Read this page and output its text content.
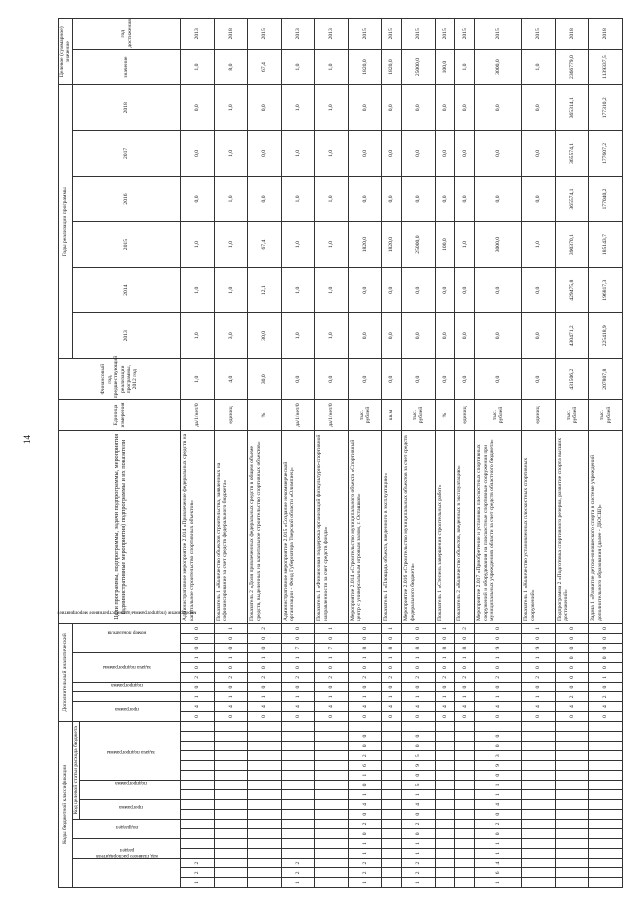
14
Коды бюджетной классификации																	Дополнительный аналитический										Цели программы, подпрограммы, задачи подпрограммы, мероприятия (административные мероприятия) подпрограммы и их показатели	Единица измерения	Финансовый год, предшествующий реализации программы, 2012 год	Годы реализации программы						Целевое (суммарное) значение	
код главного распорядителя			раздел		подраздел		Код целевой статьи расхода бюджета										программа		подпрограмма	задача подпрограммы	мероприятие (подпрограммы/административное мероприятие)			номер показателя						2013	2014	2015	2016	2017	2018	значение	год достижения
							программа		подпрограмма		задача подпрограммы																										
1	2	2															0	4	1	0	2	0	1	0	0	0	Административное мероприятие 2.014 «Привлечение федеральных средств на капитальное строительство спортивных объектов»	да/1/нет/0	1,0	1,0	1,0	1,0	0,0	0,0	0,0	1,0	2013
																	0	4	1	0	2	0	1	0	0	1	Показатель 1 «Количество объектов строительства, заявленных на софинансирование за счет средств федерального бюджета»	единиц	4,0	3,0	1,0	1,0	1,0	1,0	1,0	8,0	2018
																	0	4	1	0	2	0	1	0	0	2	Показатель 2 «Доля привлеченных федеральных средств в общем объеме средств, выделенных на капитальное строительство спортивных объектов»	%	30,0	30,0	12,1	67,4	0,0	0,0	0,0	67,4	2015
1	2	2															0	4	1	0	2	0	1	7	0	0	Административное мероприятие 2.015 «Создание некоммерческой организации - Фонд Губернатора Тверской области «Олимпиец»	да/1/нет/0	0,0	1,0	1,0	1,0	1,0	1,0	1,0	1,0	2013
																	0	4	1	0	2	0	1	7	0	1	Показатель 1 «Финансовая поддержка организаций физкультурно-спортивной направленности за счет средств фонда»	да/1/нет/0	0,0	1,0	1,0	1,0	1,0	1,0	1,0	1,0	2013
1	2	2	1	1	0	2	0	4	1	0	1	6	2	0	0		0	4	1	0	2	0	1	8	0	0	Мероприятие 2.014 «Строительство муниципального объекта «Спортивный центр с универсальным игровым залом, г. Осташков»	тыс. рублей	0,0	0,0	0,0	1820,0	0,0	0,0	0,0	1820,0	2015
																	0	4	1	0	2	0	1	8	0	1	Показатель 1 «Площадь объекта, введенного в эксплуатацию»	кв.м	0,0	0,0	0,0	1820,0	0,0	0,0	0,0	1820,0	2015
1	2	2	1	1	0	2	0	4	1	5	0	9	5	0	0		0	4	1	0	2	0	1	8	0	0	Мероприятие 2.016 «Строительство муниципальных объектов за счет средств федерального бюджета»	тыс. рублей	0,0	0,0	0,0	25000,0	0,0	0,0	0,0	25000,0	2015
																	0	4	1	0	2	0	1	8	0	1	Показатель 1 «Степень завершения строительных работ»	%	0,0	0,0	0,0	100,0	0,0	0,0	0,0	100,0	2015
																	0	4	1	0	2	0	1	8	0	2	Показатель 2 «Количество объектов, введенных в эксплуатацию»	единиц	0,0	0,0	0,0	1,0	0,0	0,0	0,0	1,0	2015
1	6	4	1	1	0	2	0	4	1	1	0	9	3	0	0		0	4	1	0	2	0	1	9	0	0	Мероприятие 2.017 «Приобретение и установка плоскостных спортивных сооружений и оборудования на плоскостные спортивные сооружения при муниципальных учреждениях области за счет средств областного бюджета»	тыс. рублей	0,0	0,0	0,0	3000,0	0,0	0,0	0,0	3000,0	2015
																	0	4	1	0	2	0	1	9	0	1	Показатель 1 «Количество установленных плоскостных спортивных сооружений»	единиц	0,0	0,0	0,0	1,0	0,0	0,0	0,0	1,0	2015
																	0	4	2	0	0	0	0	0	0	0	Подпрограмма 2 «Подготовка спортивного резерва, развитие спорта высших достижений»	тыс. рублей	431506,2	430471,2	429475,8	390370,1	365574,1	365574,1	365314,1	2366779,0	2018
																	0	4	2	0	1	0	0	0	0	0	Задача 1 «Развитие детско-юношеского спорта в системе учреждений дополнительного образования (далее - ДЮСШ)»	тыс. рублей	207807,8	225418,9	196817,3	185143,7	177040,2	177607,2	177310,2	1139337,5	2018
